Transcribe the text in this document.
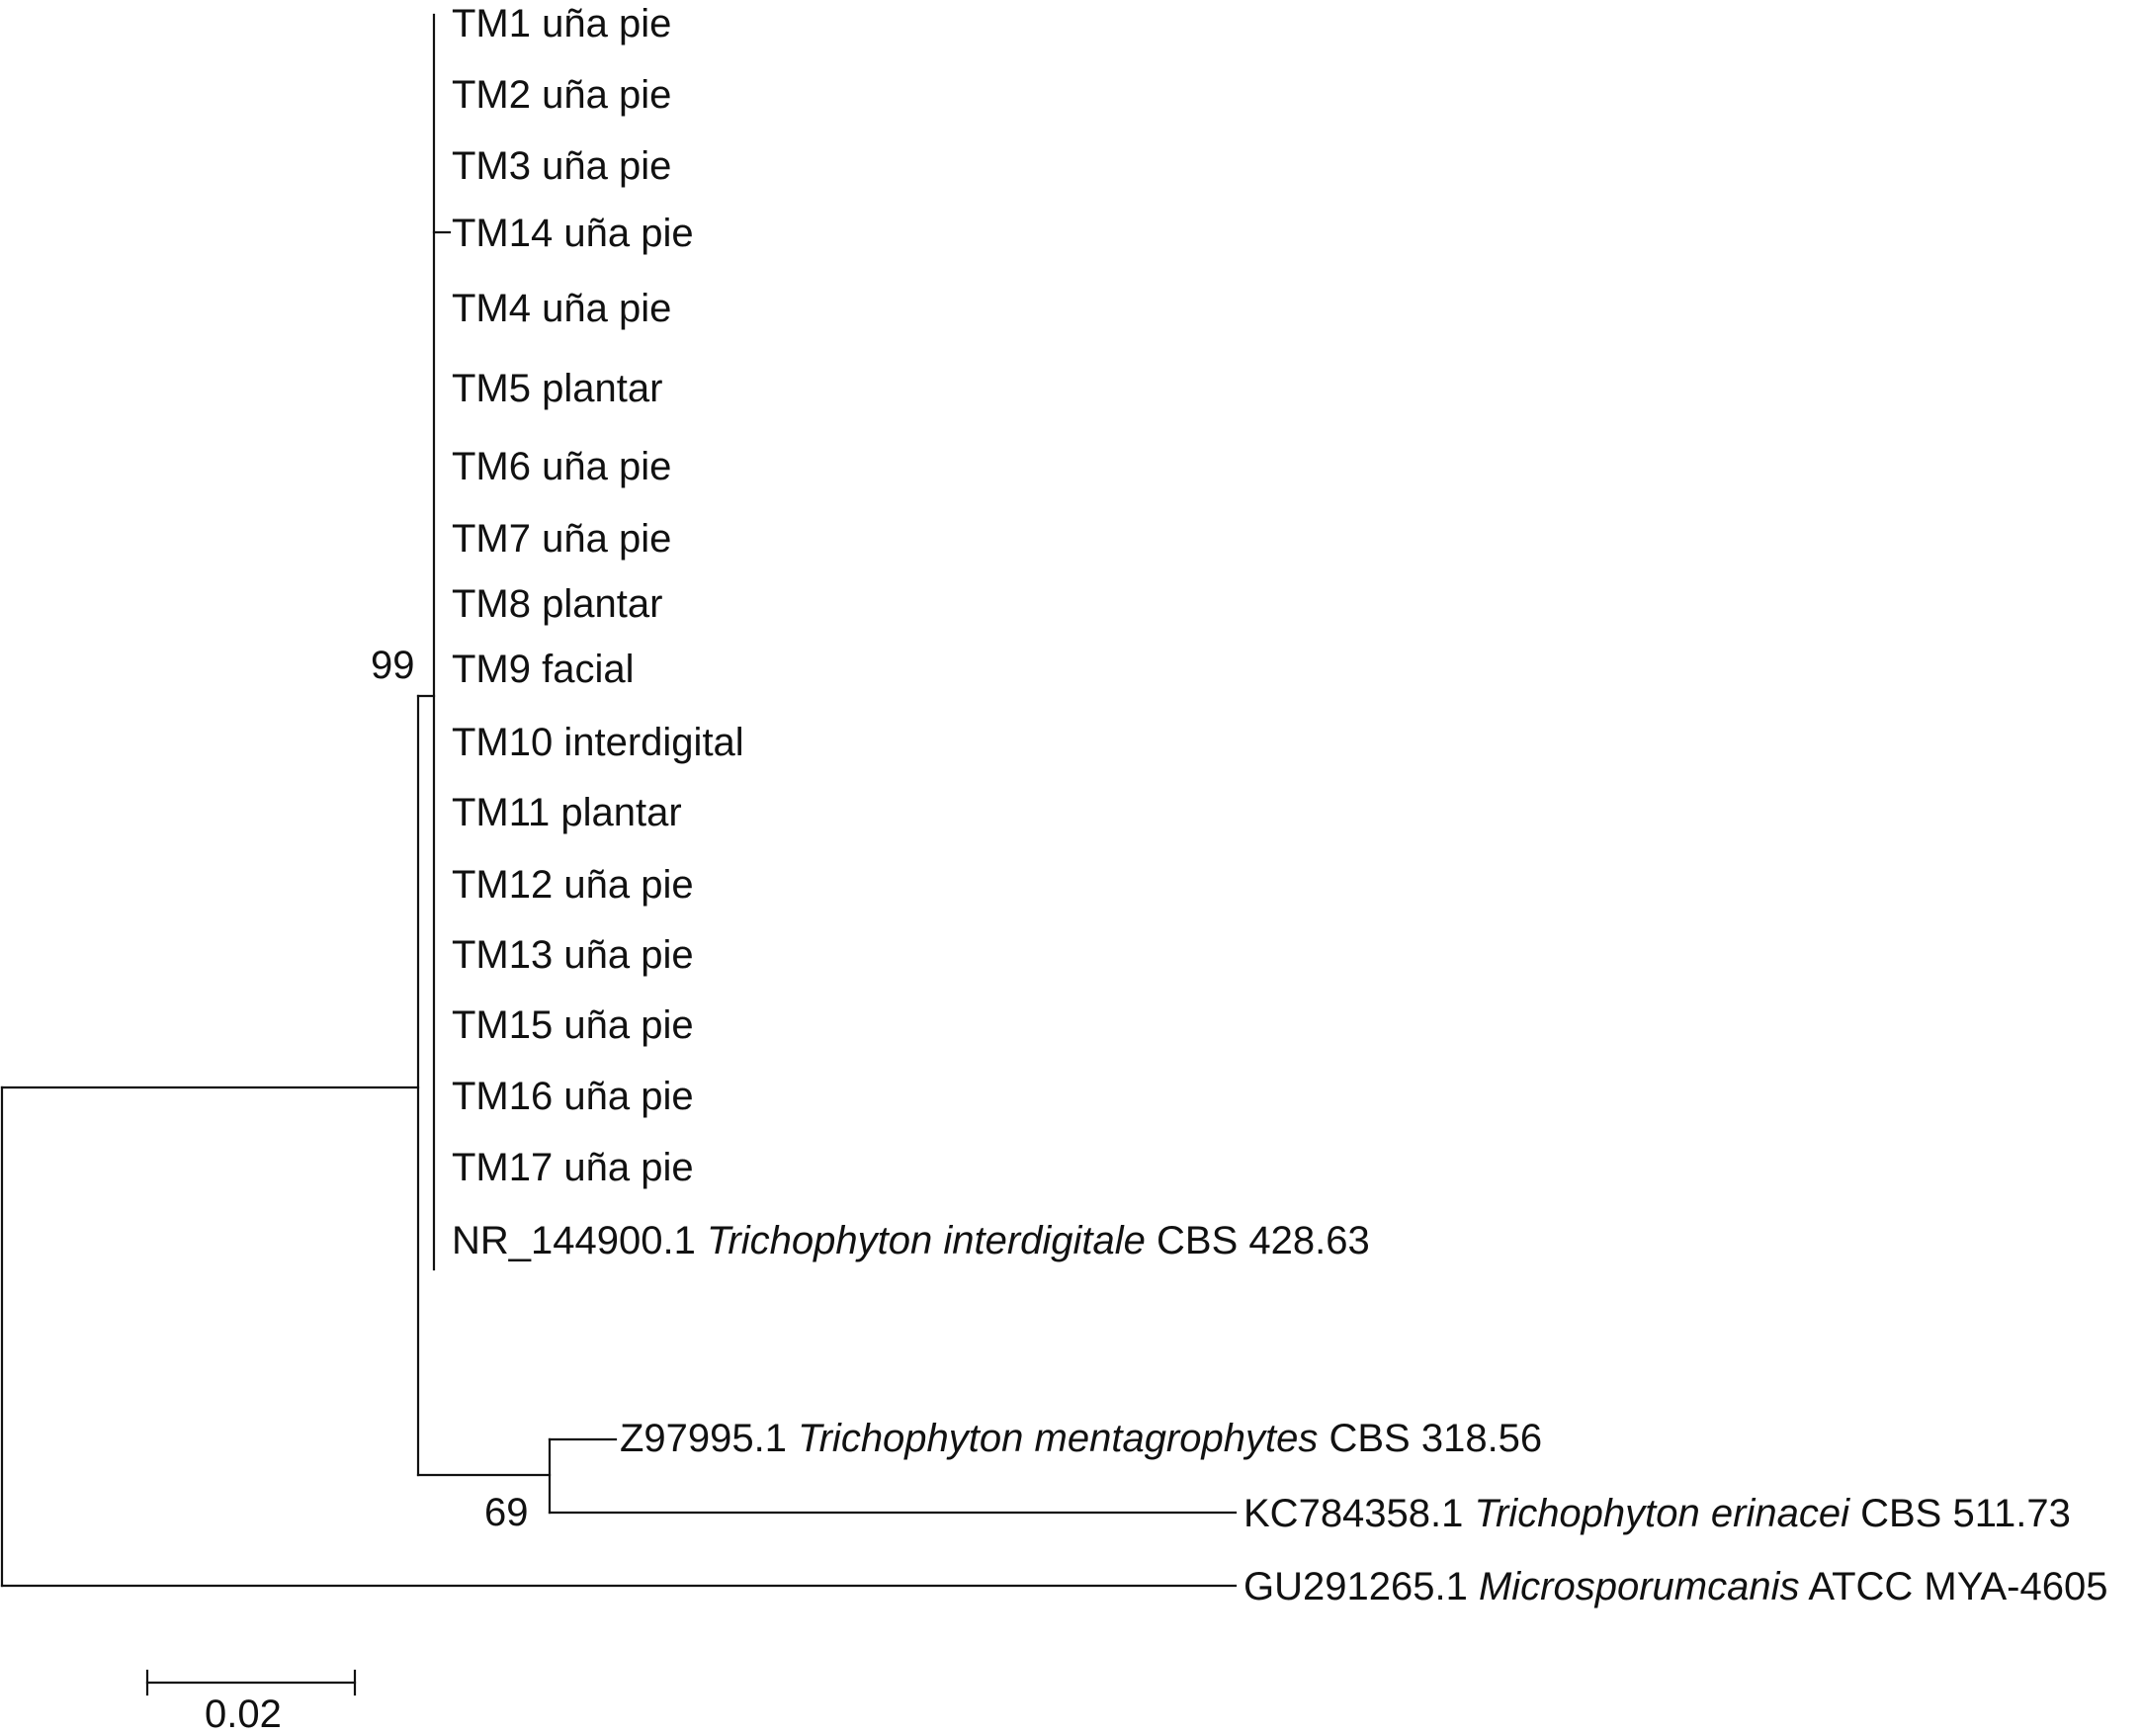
TM1 uña pie
TM2 uña pie
TM3 uña pie
TM14 uña pie
TM4 uña pie
TM5 plantar
TM6 uña pie
TM7 uña pie
TM8 plantar
TM9 facial
TM10 interdigital
TM11 plantar
TM12 uña pie
TM13 uña pie
TM15 uña pie
TM16 uña pie
TM17 uña pie
NR_144900.1 Trichophyton interdigitale CBS 428.63
Z97995.1 Trichophyton mentagrophytes CBS 318.56
KC784358.1 Trichophyton erinacei CBS 511.73
GU291265.1 Microsporumcanis ATCC MYA-4605
99
69
0.02
